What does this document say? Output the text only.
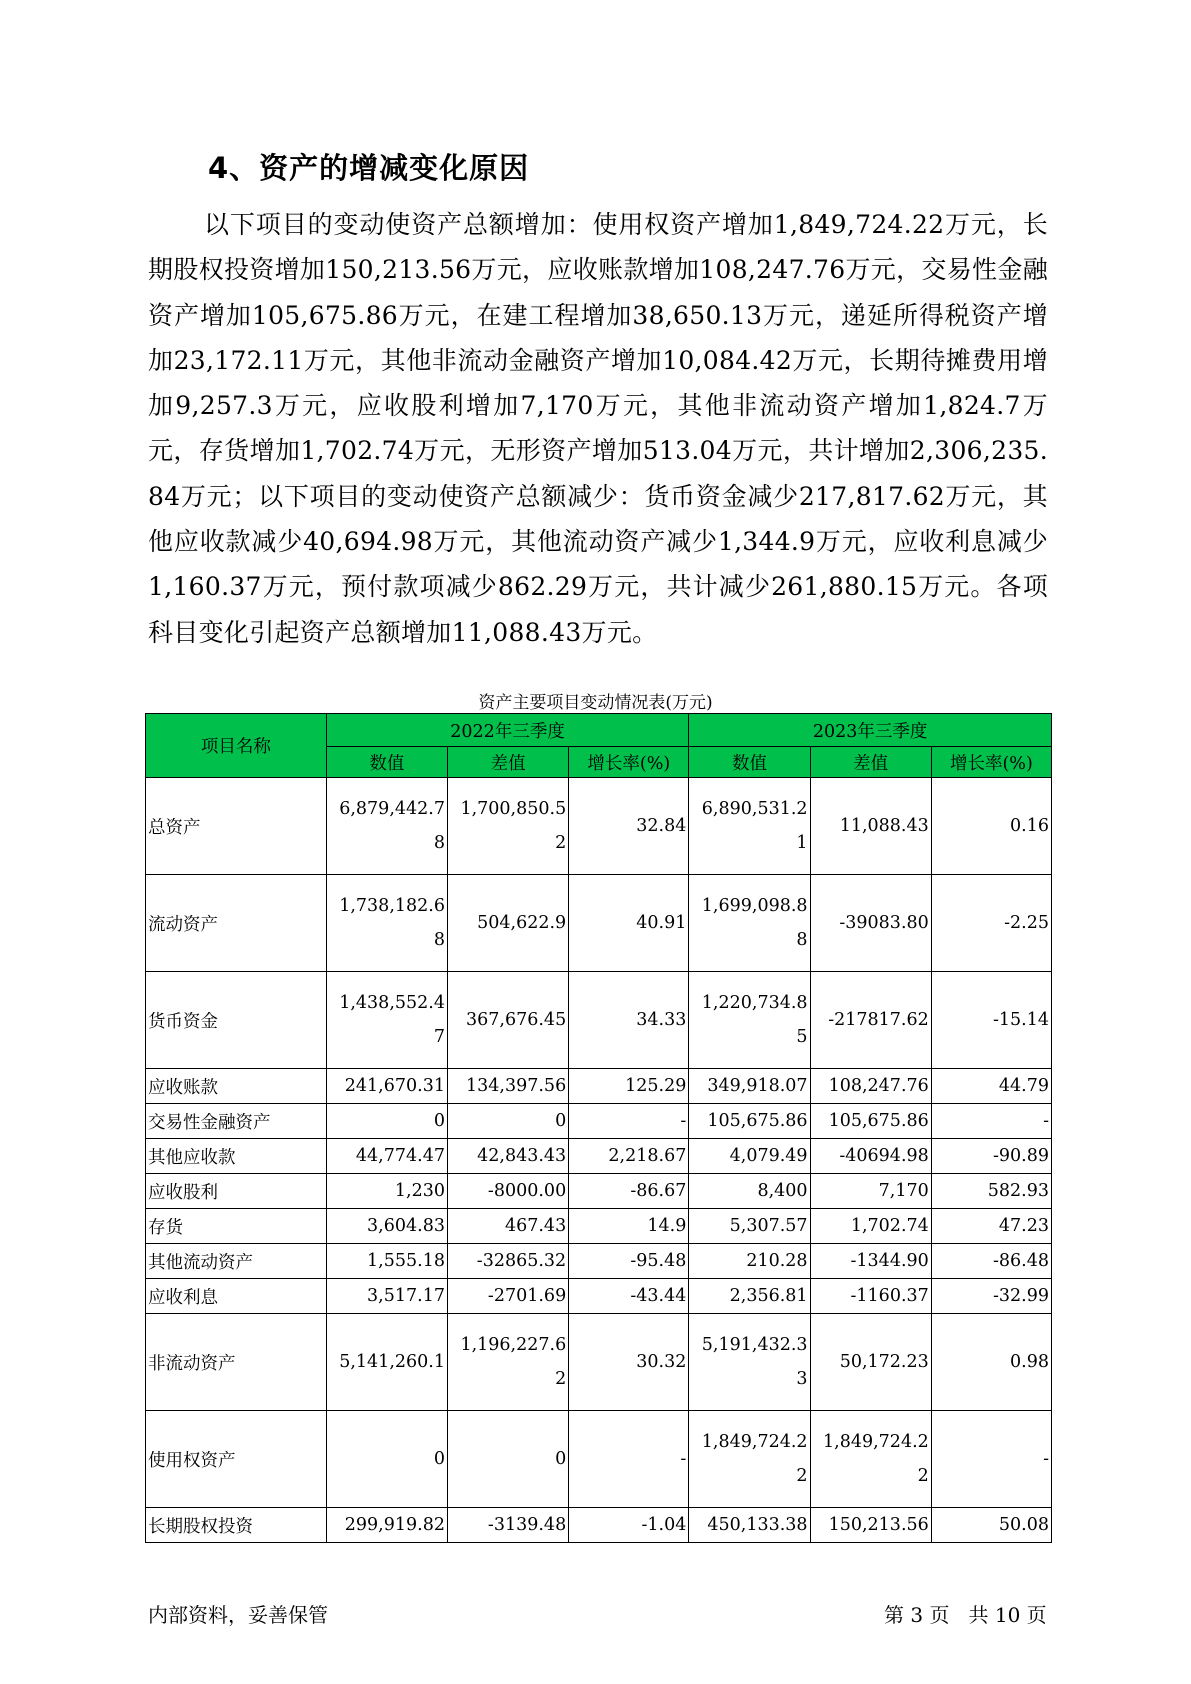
4、资产的增减变化原因

以下项目的变动使资产总额增加：使用权资产增加1,849,724.22万元，长期股权投资增加150,213.56万元，应收账款增加108,247.76万元，交易性金融资产增加105,675.86万元，在建工程增加38,650.13万元，递延所得税资产增加23,172.11万元，其他非流动金融资产增加10,084.42万元，长期待摊费用增加9,257.3万元，应收股利增加7,170万元，其他非流动资产增加1,824.7万元，存货增加1,702.74万元，无形资产增加513.04万元，共计增加2,306,235.84万元；以下项目的变动使资产总额减少：货币资金减少217,817.62万元，其他应收款减少40,694.98万元，其他流动资产减少1,344.9万元，应收利息减少1,160.37万元，预付款项减少862.29万元，共计减少261,880.15万元。各项科目变化引起资产总额增加11,088.43万元。

资产主要项目变动情况表(万元)
项目名称	2022年三季度			2023年三季度		
	数值	差值	增长率(%)	数值	差值	增长率(%)
总资产	6,879,442.78	1,700,850.52	32.84	6,890,531.21	11,088.43	0.16
流动资产	1,738,182.68	504,622.9	40.91	1,699,098.88	-39083.80	-2.25
货币资金	1,438,552.47	367,676.45	34.33	1,220,734.85	-217817.62	-15.14
应收账款	241,670.31	134,397.56	125.29	349,918.07	108,247.76	44.79
交易性金融资产	0	0	-	105,675.86	105,675.86	-
其他应收款	44,774.47	42,843.43	2,218.67	4,079.49	-40694.98	-90.89
应收股利	1,230	-8000.00	-86.67	8,400	7,170	582.93
存货	3,604.83	467.43	14.9	5,307.57	1,702.74	47.23
其他流动资产	1,555.18	-32865.32	-95.48	210.28	-1344.90	-86.48
应收利息	3,517.17	-2701.69	-43.44	2,356.81	-1160.37	-32.99
非流动资产	5,141,260.1	1,196,227.62	30.32	5,191,432.33	50,172.23	0.98
使用权资产	0	0	-	1,849,724.22	1,849,724.22	-
长期股权投资	299,919.82	-3139.48	-1.04	450,133.38	150,213.56	50.08
内部资料，妥善保管	第 3 页   共 10 页
